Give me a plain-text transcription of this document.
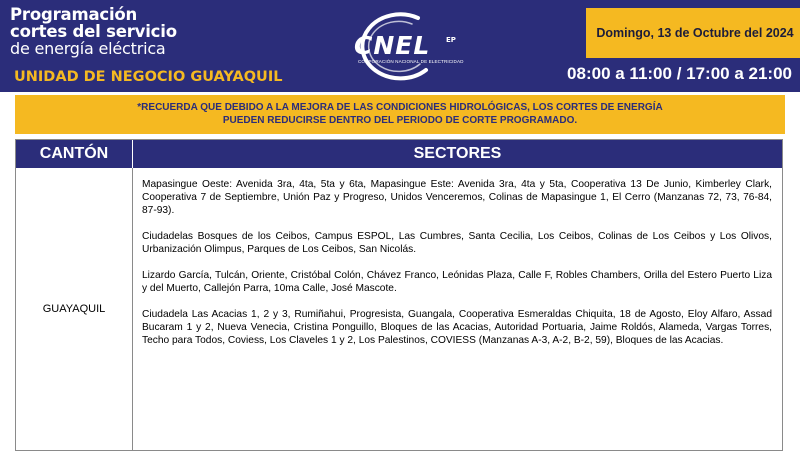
Programación
cortes del servicio
de energía eléctrica
UNIDAD DE NEGOCIO GUAYAQUIL
CNEL EP
CORPORACIÓN NACIONAL DE ELECTRICIDAD
Domingo, 13 de Octubre del 2024
08:00 a 11:00 / 17:00 a 21:00
*RECUERDA QUE DEBIDO A LA MEJORA DE LAS CONDICIONES HIDROLÓGICAS, LOS CORTES DE ENERGÍA
PUEDEN REDUCIRSE DENTRO DEL PERIODO DE CORTE PROGRAMADO.
CANTÓN	SECTORES
GUAYAQUIL
Mapasingue Oeste: Avenida 3ra, 4ta, 5ta y 6ta, Mapasingue Este: Avenida 3ra, 4ta y 5ta, Cooperativa 13 De Junio, Kimberley Clark, Cooperativa 7 de Septiembre, Unión Paz y Progreso, Unidos Venceremos, Colinas de Mapasingue 1, El Cerro (Manzanas 72, 73, 76-84, 87-93).
Ciudadelas Bosques de los Ceibos, Campus ESPOL, Las Cumbres, Santa Cecilia, Los Ceibos, Colinas de Los Ceibos y Los Olivos, Urbanización Olimpus, Parques de Los Ceibos, San Nicolás.
Lizardo García, Tulcán, Oriente, Cristóbal Colón, Chávez Franco, Leónidas Plaza, Calle F, Robles Chambers, Orilla del Estero Puerto Liza y del Muerto, Callejón Parra, 10ma Calle, José Mascote.
Ciudadela Las Acacias 1, 2 y 3, Rumiñahui, Progresista, Guangala, Cooperativa Esmeraldas Chiquita, 18 de Agosto, Eloy Alfaro, Assad Bucaram 1 y 2, Nueva Venecia, Cristina Ponguillo, Bloques de las Acacias, Autoridad Portuaria, Jaime Roldós, Alameda, Vargas Torres, Techo para Todos, Coviess, Los Claveles 1 y 2, Los Palestinos, COVIESS (Manzanas A-3, A-2, B-2, 59), Bloques de las Acacias.
